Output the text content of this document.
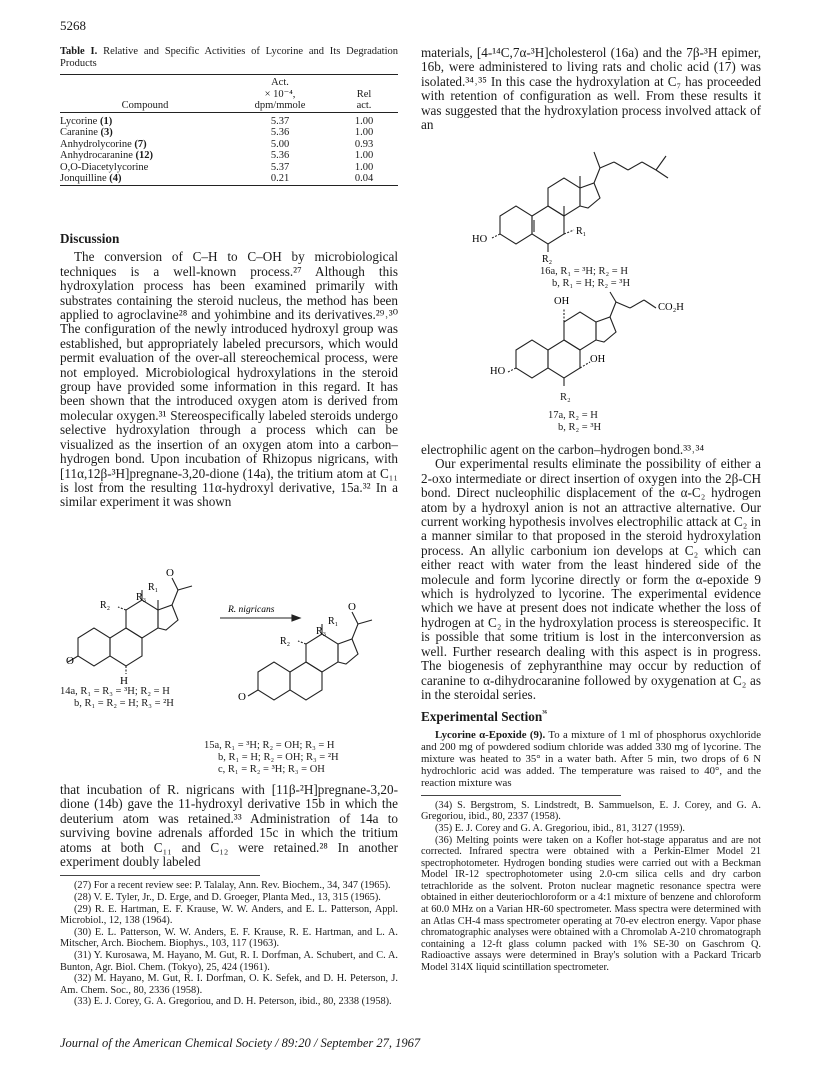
5268
Table I. Relative and Specific Activities of Lycorine and Its Degradation Products

	Act.	
	× 10⁻⁴,	Rel
Compound	dpm/mmole	act.

Lycorine (1)	5.37	1.00
Caranine (3)	5.36	1.00
Anhydrolycorine (7)	5.00	0.93
Anhydrocaranine (12)	5.36	1.00
O,O-Diacetylycorine	5.37	1.00
Jonquilline (4)	0.21	0.04

Discussion

The conversion of C–H to C–OH by microbiological techniques is a well-known process.²⁷ Although this hydroxylation process has been examined primarily with substrates containing the steroid nucleus, the method has been applied to agroclavine²⁸ and yohimbine and its derivatives.²⁹˒³⁰ The configuration of the newly introduced hydroxyl group was established, but appropriately labeled precursors, which would permit evaluation of the over-all stereochemical process, were not employed. Microbiological hydroxylations in the steroid group have provided some information in this regard. It has been shown that the introduced oxygen atom is derived from molecular oxygen.³¹ Stereospecifically labeled steroids undergo selective hydroxylation through a process which can be visualized as the insertion of an oxygen atom into a carbon–hydrogen bond. Upon incubation of Rhizopus nigricans, with [11α,12β-³H]pregnane-3,20-dione (14a), the tritium atom at C₁₁ is lost from the resulting 11α-hydroxyl derivative, 15a.³² In a similar experiment it was shown

O
H
O
R₁
R₃
R₂	R. nigricans
O
O
R₁
R₃
R₂
14a, R₁ = R₃ = ³H; R₂ = H
b, R₁ = R₂ = H; R₃ = ²H
15a, R₁ = ³H; R₂ = OH; R₃ = H
b, R₁ = H; R₂ = OH; R₃ = ²H
c, R₁ = R₂ = ³H; R₃ = OH
that incubation of R. nigricans with [11β-²H]pregnane-3,20-dione (14b) gave the 11-hydroxyl derivative 15b in which the deuterium atom was retained.³³ Administration of 14a to surviving bovine adrenals afforded 15c in which the tritium atoms at both C₁₁ and C₁₂ were retained.²⁸ In another experiment doubly labeled
(27) For a recent review see: P. Talalay, Ann. Rev. Biochem., 34, 347 (1965).
(28) V. E. Tyler, Jr., D. Erge, and D. Groeger, Planta Med., 13, 315 (1965).
(29) R. E. Hartman, E. F. Krause, W. W. Anders, and E. L. Patterson, Appl. Microbiol., 12, 138 (1964).
(30) E. L. Patterson, W. W. Anders, E. F. Krause, R. E. Hartman, and L. A. Mitscher, Arch. Biochem. Biophys., 103, 117 (1963).
(31) Y. Kurosawa, M. Hayano, M. Gut, R. I. Dorfman, A. Schubert, and C. A. Bunton, Agr. Biol. Chem. (Tokyo), 25, 424 (1961).
(32) M. Hayano, M. Gut, R. I. Dorfman, O. K. Sefek, and D. H. Peterson, J. Am. Chem. Soc., 80, 2336 (1958).
(33) E. J. Corey, G. A. Gregoriou, and D. H. Peterson, ibid., 80, 2338 (1958).
materials, [4-¹⁴C,7α-³H]cholesterol (16a) and the 7β-³H epimer, 16b, were administered to living rats and cholic acid (17) was isolated.³⁴˒³⁵ In this case the hydroxylation at C₇ has proceeded with retention of configuration as well. From these results it was suggested that the hydroxylation process involved attack of an
HO
R₁
R₂
16a, R₁ = ³H; R₂ = H
b, R₁ = H; R₂ = ³H
OH
CO₂H
HO
OH
R₂
17a, R₂ = H
b, R₂ = ³H
electrophilic agent on the carbon–hydrogen bond.³³˒³⁴

Our experimental results eliminate the possibility of either a 2-oxo intermediate or direct insertion of oxygen into the 2β-CH bond. Direct nucleophilic displacement of the α-C₂ hydrogen atom by a hydroxyl anion is not an attractive alternative. Our current working hypothesis involves electrophilic attack at C₂ in a manner similar to that proposed in the steroid hydroxylation process. An allylic carbonium ion develops at C₂ which can either react with water from the least hindered side of the molecule and form lycorine directly or form the α-epoxide 9 which is hydrolyzed to lycorine. The experimental evidence which we have at present does not indicate whether the loss of hydrogen at C₂ in the hydroxylation process is stereospecific. It is possible that some tritium is lost in the interconversion as well. Further research dealing with this aspect is in progress. The biogenesis of zephyranthine may occur by reduction of caranine to α-dihydrocaranine followed by oxygenation at C₂ as in the steroidal series.

Experimental Section$^{^{36}}$
Lycorine α-Epoxide (9). To a mixture of 1 ml of phosphorus oxychloride and 200 mg of powdered sodium chloride was added 330 mg of lycorine. The mixture was heated to 35° in a water bath. After 5 min, two drops of 6 N hydrochloric acid was added. The temperature was raised to 40°, and the reaction mixture was
(34) S. Bergstrom, S. Lindstredt, B. Sammuelson, E. J. Corey, and G. A. Gregoriou, ibid., 80, 2337 (1958).
(35) E. J. Corey and G. A. Gregoriou, ibid., 81, 3127 (1959).
(36) Melting points were taken on a Kofler hot-stage apparatus and are not corrected. Infrared spectra were obtained with a Perkin-Elmer Model 21 spectrophotometer. Hydrogen bonding studies were carried out with a Beckman Model IR-12 spectrophotometer using 2.0-cm silica cells and dry carbon tetrachloride as the solvent. Proton nuclear magnetic resonance spectra were obtained in either deuteriochloroform or a 4:1 mixture of benzene and chloroform at 60.0 MHz on a Varian HR-60 spectrometer. Mass spectra were determined with an Atlas CH-4 mass spectrometer operating at 70-ev electron energy. Vapor phase chromatographic analyses were obtained with a Chromolab A-210 chromatograph containing a 12-ft glass column packed with 1% SE-30 on Gaschrom Q. Radioactive assays were determined in Bray's solution with a Packard Tricarb Model 314X liquid scintillation spectrometer.
Journal of the American Chemical Society / 89:20 / September 27, 1967
